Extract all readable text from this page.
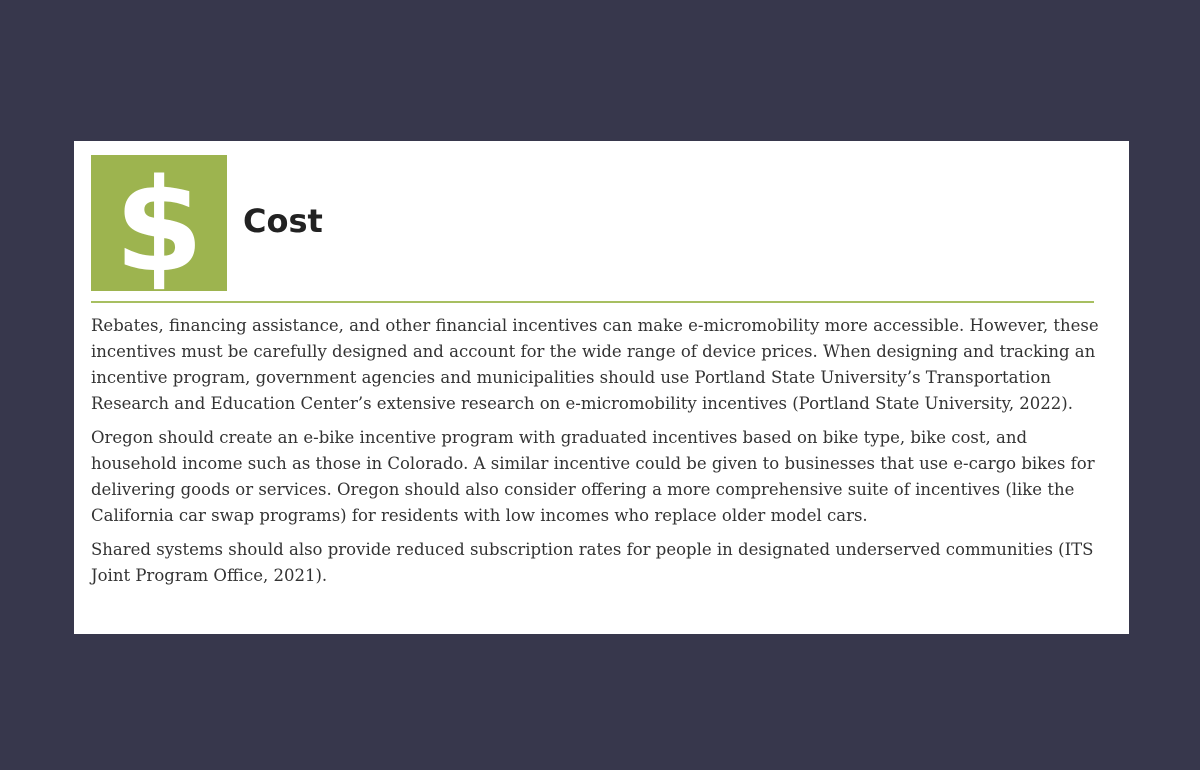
$ Cost

Rebates, financing assistance, and other financial incentives can make e-micromobility more accessible. However, these incentives must be carefully designed and account for the wide range of device prices. When designing and tracking an incentive program, government agencies and municipalities should use Portland State University’s Transportation Research and Education Center’s extensive research on e-micromobility incentives (Portland State University, 2022).

Oregon should create an e-bike incentive program with graduated incentives based on bike type, bike cost, and household income such as those in Colorado. A similar incentive could be given to businesses that use e-cargo bikes for delivering goods or services. Oregon should also consider offering a more comprehensive suite of incentives (like the California car swap programs) for residents with low incomes who replace older model cars.

Shared systems should also provide reduced subscription rates for people in designated underserved communities (ITS Joint Program Office, 2021).
